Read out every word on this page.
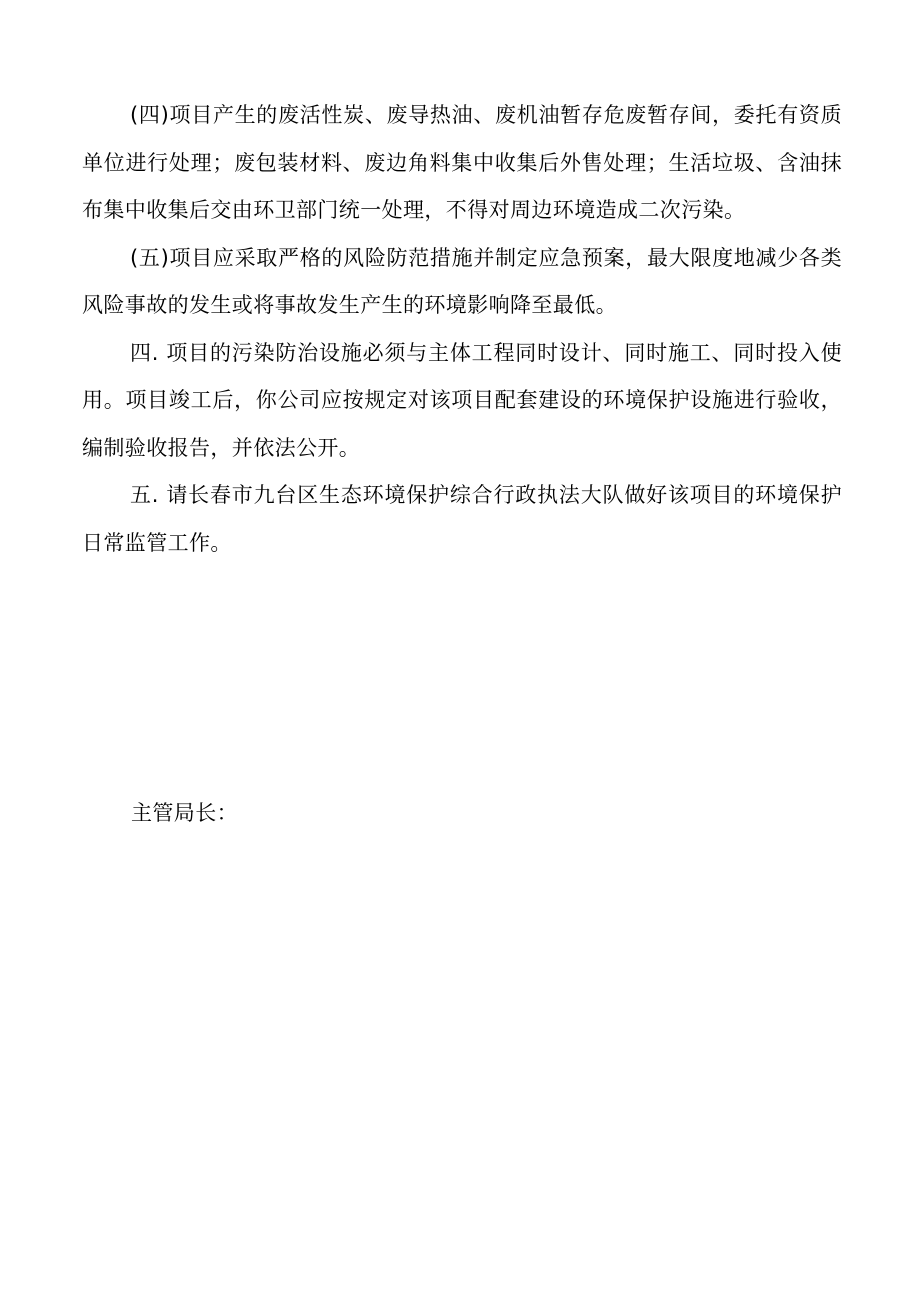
(四)项目产生的废活性炭、废导热油、废机油暂存危废暂存间，委托有资质单位进行处理；废包装材料、废边角料集中收集后外售处理；生活垃圾、含油抹布集中收集后交由环卫部门统一处理，不得对周边环境造成二次污染。

(五)项目应采取严格的风险防范措施并制定应急预案，最大限度地减少各类风险事故的发生或将事故发生产生的环境影响降至最低。

四. 项目的污染防治设施必须与主体工程同时设计、同时施工、同时投入使用。项目竣工后，你公司应按规定对该项目配套建设的环境保护设施进行验收，编制验收报告，并依法公开。

五. 请长春市九台区生态环境保护综合行政执法大队做好该项目的环境保护日常监管工作。

主管局长：
